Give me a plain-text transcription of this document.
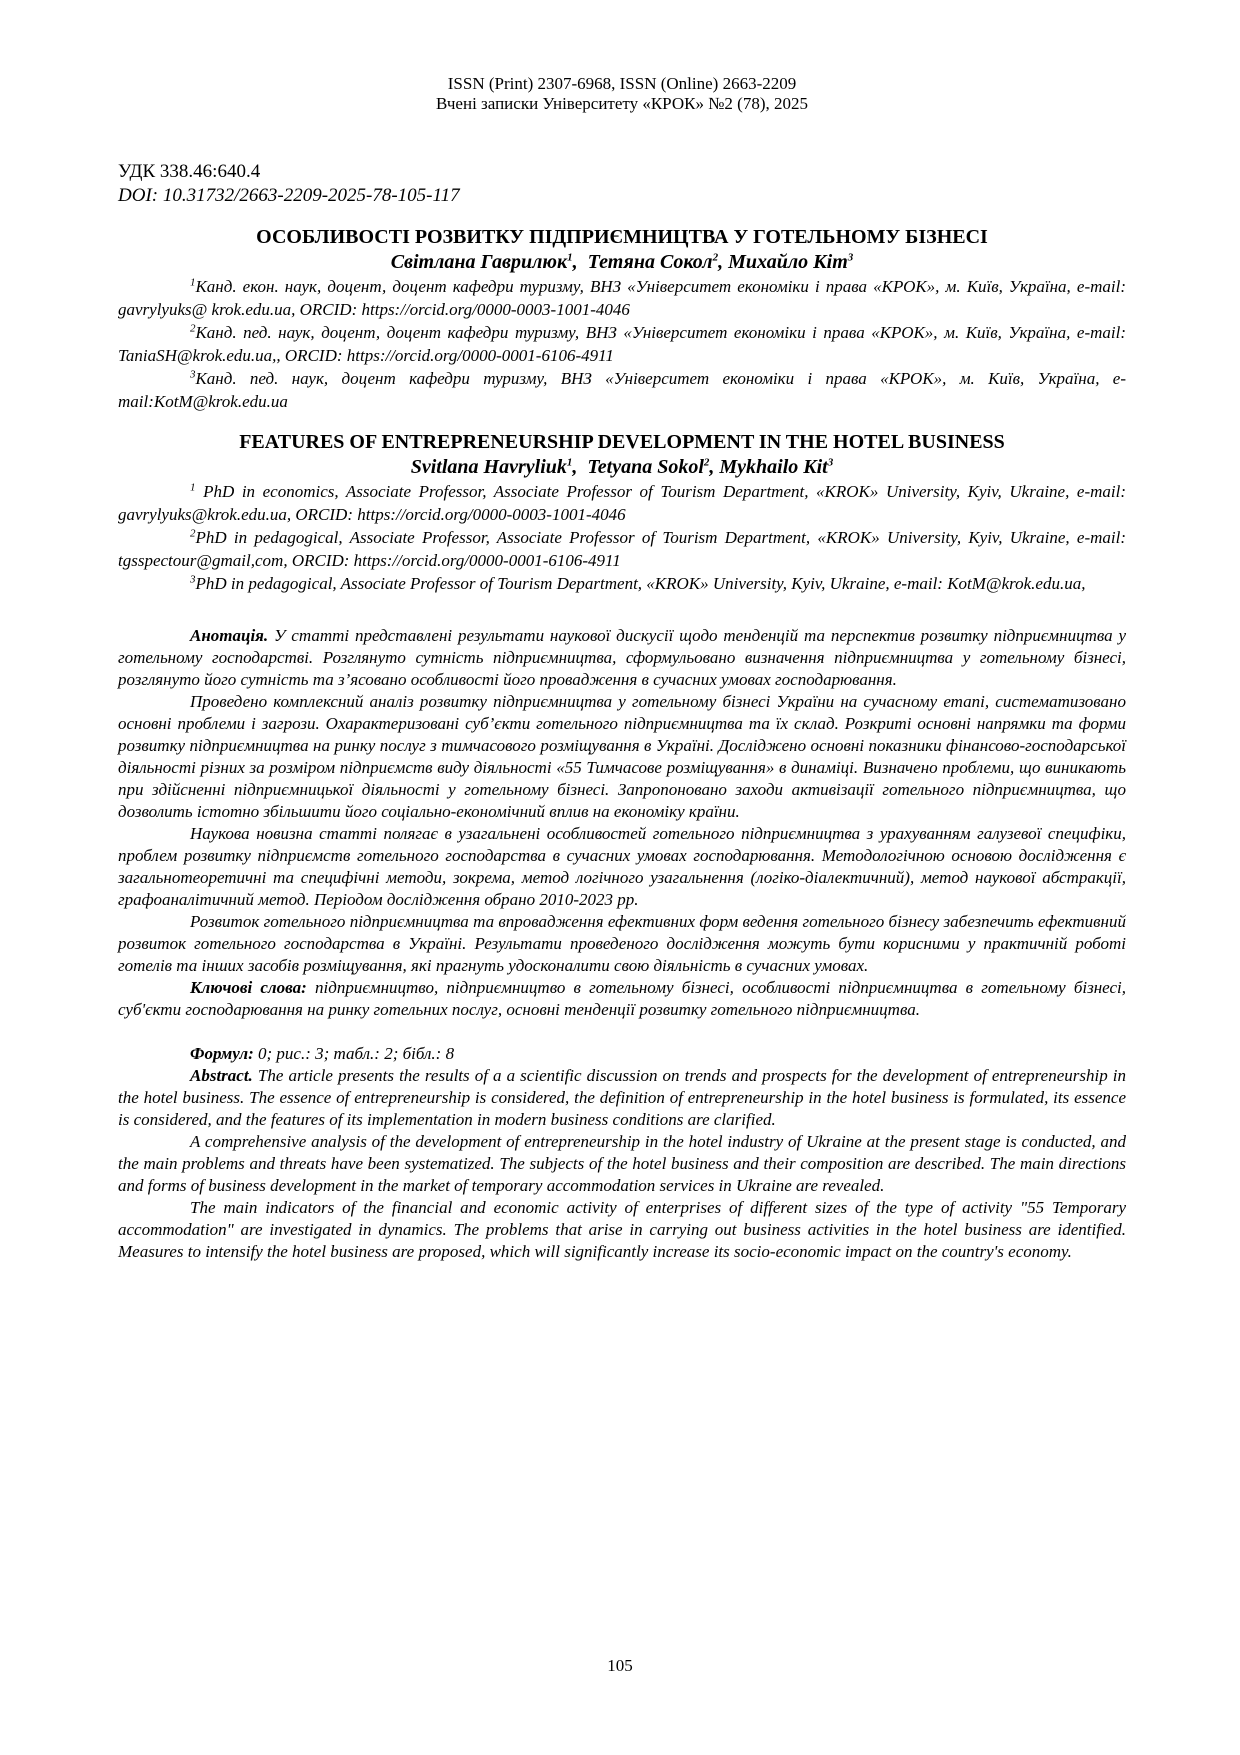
ISSN (Print) 2307-6968, ISSN (Online) 2663-2209
Вчені записки Університету «КРОК» №2 (78), 2025
УДК 338.46:640.4
DOI: 10.31732/2663-2209-2025-78-105-117
ОСОБЛИВОСТІ РОЗВИТКУ ПІДПРИЄМНИЦТВА У ГОТЕЛЬНОМУ БІЗНЕСІ
Світлана Гаврилюк$^1$,  Тетяна Сокол$^2$, Михайло Кіт$^3$
$^1$Канд. екон. наук, доцент, доцент кафедри туризму, ВНЗ «Університет економіки і права «КРОК», м. Київ, Україна, e-mail: gavrylyuks@ krok.edu.ua, ORCID: https://orcid.org/0000-0003-1001-4046
$^2$Канд. пед. наук, доцент, доцент кафедри туризму, ВНЗ «Університет економіки і права «КРОК», м. Київ, Україна, e-mail: TaniaSH@krok.edu.ua,, ORCID: https://orcid.org/0000-0001-6106-4911
$^3$Канд. пед. наук, доцент кафедри туризму, ВНЗ «Університет економіки і права «КРОК», м. Київ, Україна, e-mail:KotM@krok.edu.ua
FEATURES OF ENTREPRENEURSHIP DEVELOPMENT IN THE HOTEL BUSINESS
Svitlana Havryliuk$^1$,  Tetyana Sokol$^2$, Mykhailo Kit$^3$
$^1$ PhD in economics, Associate Professor, Associate Professor of Tourism Department, «KROK» University, Kyiv, Ukraine, e-mail: gavrylyuks@krok.edu.ua, ORCID: https://orcid.org/0000-0003-1001-4046
$^2$PhD in pedagogical, Associate Professor, Associate Professor of Tourism Department, «KROK» University, Kyiv, Ukraine, e-mail: tgsspectour@gmail,com, ORCID: https://orcid.org/0000-0001-6106-4911
$^3$PhD in pedagogical, Associate Professor of Tourism Department, «KROK» University, Kyiv, Ukraine, e-mail: KotM@krok.edu.ua,

Анотація. У статті представлені результати наукової дискусії щодо тенденцій та перспектив розвитку підприємництва у готельному господарстві. Розглянуто сутність підприємництва, сформульовано визначення підприємництва у готельному бізнесі, розглянуто його сутність та з’ясовано особливості його провадження в сучасних умовах господарювання.

Проведено комплексний аналіз розвитку підприємництва у готельному бізнесі України на сучасному етапі, систематизовано основні проблеми і загрози. Охарактеризовані суб’єкти готельного підприємництва та їх склад. Розкриті основні напрямки та форми розвитку підприємництва на ринку послуг з тимчасового розміщування в Україні. Досліджено основні показники фінансово-господарської діяльності різних за розміром підприємств виду діяльності «55 Тимчасове розміщування» в динаміці. Визначено проблеми, що виникають при здійсненні підприємницької діяльності у готельному бізнесі. Запропоновано заходи активізації готельного підприємництва, що дозволить істотно збільшити його соціально-економічний вплив на економіку країни.

Наукова новизна статті полягає в узагальнені особливостей готельного підприємництва з урахуванням галузевої специфіки, проблем розвитку підприємств готельного господарства в сучасних умовах господарювання. Методологічною основою дослідження є загальнотеоретичні та специфічні методи, зокрема, метод логічного узагальнення (логіко-діалектичний), метод наукової абстракції, графоаналітичний метод. Періодом дослідження обрано 2010-2023 рр.

Розвиток готельного підприємництва та впровадження ефективних форм ведення готельного бізнесу забезпечить ефективний розвиток готельного господарства в Україні. Результати проведеного дослідження можуть бути корисними у практичній роботі готелів та інших засобів розміщування, які прагнуть удосконалити свою діяльність в сучасних умовах.

Ключові слова: підприємництво, підприємництво в готельному бізнесі, особливості підприємництва в готельному бізнесі, суб'єкти господарювання на ринку готельних послуг, основні тенденції розвитку готельного підприємництва.

Формул: 0; рис.: 3; табл.: 2; бібл.: 8

Abstract. The article presents the results of a a scientific discussion on trends and prospects for the development of entrepreneurship in the hotel business. The essence of entrepreneurship is considered, the definition of entrepreneurship in the hotel business is formulated, its essence is considered, and the features of its implementation in modern business conditions are clarified.

A comprehensive analysis of the development of entrepreneurship in the hotel industry of Ukraine at the present stage is conducted, and the main problems and threats have been systematized. The subjects of the hotel business and their composition are described. The main directions and forms of business development in the market of temporary accommodation services in Ukraine are revealed.

The main indicators of the financial and economic activity of enterprises of different sizes of the type of activity "55 Temporary accommodation" are investigated in dynamics. The problems that arise in carrying out business activities in the hotel business are identified. Measures to intensify the hotel business are proposed, which will significantly increase its socio-economic impact on the country's economy.

105
